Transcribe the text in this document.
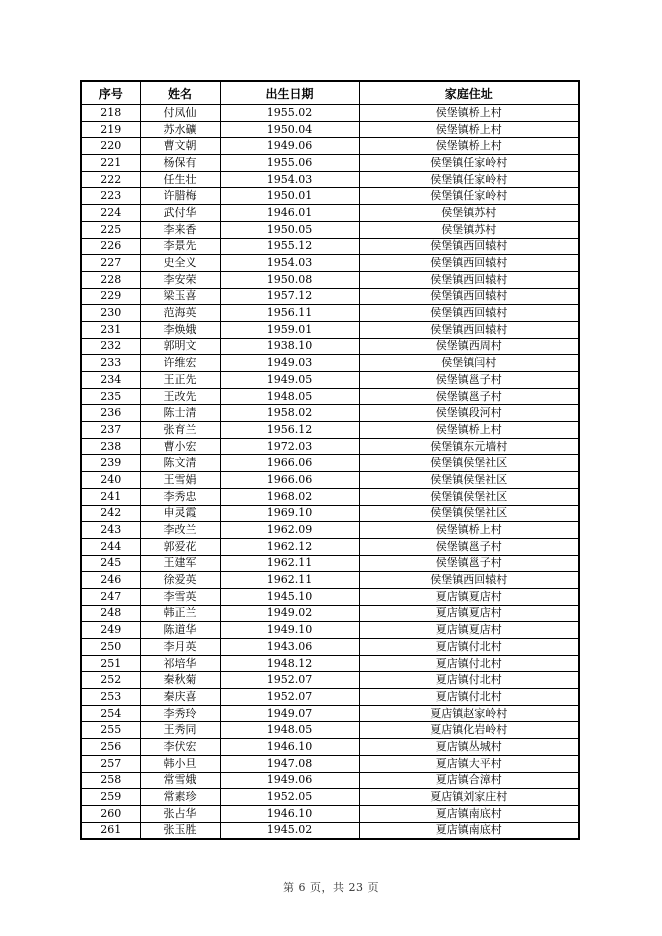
序号	姓名	出生日期	家庭住址
218	付凤仙	1955.02	侯堡镇桥上村
219	苏水礦	1950.04	侯堡镇桥上村
220	曹文朝	1949.06	侯堡镇桥上村
221	杨保有	1955.06	侯堡镇任家岭村
222	任生壮	1954.03	侯堡镇任家岭村
223	许腊梅	1950.01	侯堡镇任家岭村
224	武付华	1946.01	侯堡镇苏村
225	李来香	1950.05	侯堡镇苏村
226	李景先	1955.12	侯堡镇西回辕村
227	史全义	1954.03	侯堡镇西回辕村
228	李安荣	1950.08	侯堡镇西回辕村
229	梁玉喜	1957.12	侯堡镇西回辕村
230	范海英	1956.11	侯堡镇西回辕村
231	李焕娥	1959.01	侯堡镇西回辕村
232	郭明文	1938.10	侯堡镇西周村
233	许维宏	1949.03	侯堡镇闫村
234	王正先	1949.05	侯堡镇邕子村
235	王改先	1948.05	侯堡镇邕子村
236	陈士清	1958.02	侯堡镇段河村
237	张育兰	1956.12	侯堡镇桥上村
238	曹小宏	1972.03	侯堡镇东元墙村
239	陈文清	1966.06	侯堡镇侯堡社区
240	王雪娟	1966.06	侯堡镇侯堡社区
241	李秀忠	1968.02	侯堡镇侯堡社区
242	申灵霞	1969.10	侯堡镇侯堡社区
243	李改兰	1962.09	侯堡镇桥上村
244	郭爱花	1962.12	侯堡镇邕子村
245	王建军	1962.11	侯堡镇邕子村
246	徐爱英	1962.11	侯堡镇西回辕村
247	李雪英	1945.10	夏店镇夏店村
248	韩正兰	1949.02	夏店镇夏店村
249	陈道华	1949.10	夏店镇夏店村
250	李月英	1943.06	夏店镇付北村
251	祁培华	1948.12	夏店镇付北村
252	秦秋菊	1952.07	夏店镇付北村
253	秦庆喜	1952.07	夏店镇付北村
254	李秀玲	1949.07	夏店镇赵家岭村
255	王秀同	1948.05	夏店镇化岩岭村
256	李伏宏	1946.10	夏店镇丛城村
257	韩小旦	1947.08	夏店镇大平村
258	常雪娥	1949.06	夏店镇合漳村
259	常素珍	1952.05	夏店镇刘家庄村
260	张占华	1946.10	夏店镇南底村
261	张玉胜	1945.02	夏店镇南底村
第 6 页，共 23 页
